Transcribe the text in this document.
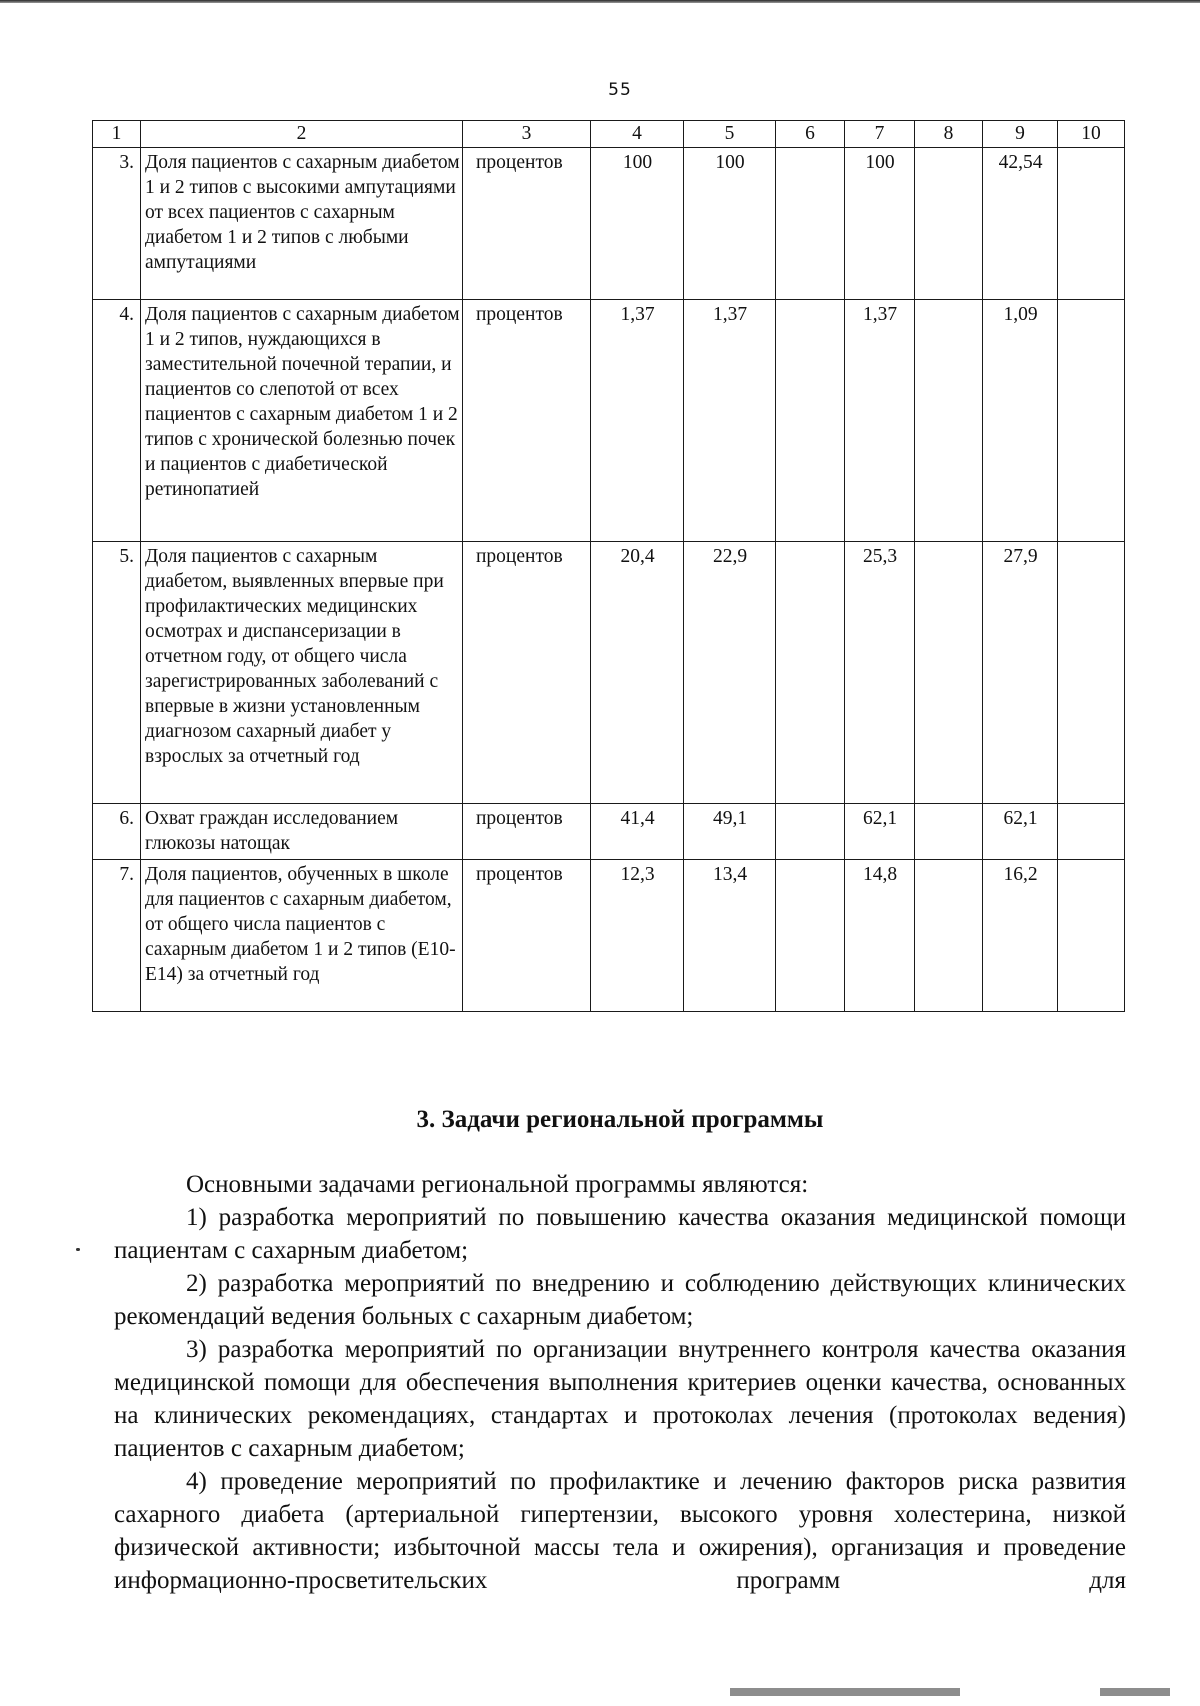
55
1	2	3	4	5	6	7	8	9	10
3.	Доля пациентов с сахарным диабетом 1 и 2 типов с высокими ампутациями от всех пациентов с сахарным диабетом 1 и 2 типов с любыми ампутациями	процентов	100	100		100		42,54	
4.	Доля пациентов с сахарным диабетом 1 и 2 типов, нуждающихся в заместительной почечной терапии, и пациентов со слепотой от всех пациентов с сахарным диабетом 1 и 2 типов с хронической болезнью почек и пациентов с диабетической ретинопатией	процентов	1,37	1,37		1,37		1,09	
5.	Доля пациентов с сахарным диабетом, выявленных впервые при профилактических медицинских осмотрах и диспансеризации в отчетном году, от общего числа зарегистрированных заболеваний с впервые в жизни установленным диагнозом сахарный диабет у взрослых за отчетный год	процентов	20,4	22,9		25,3		27,9	
6.	Охват граждан исследованием глюкозы натощак	процентов	41,4	49,1		62,1		62,1	
7.	Доля пациентов, обученных в школе для пациентов с сахарным диабетом, от общего числа пациентов с сахарным диабетом 1 и 2 типов (Е10-Е14) за отчетный год	процентов	12,3	13,4		14,8		16,2	
3. Задачи региональной программы

Основными задачами региональной программы являются:

1) разработка мероприятий по повышению качества оказания медицинской помощи пациентам с сахарным диабетом;

2) разработка мероприятий по внедрению и соблюдению действующих клинических рекомендаций ведения больных с сахарным диабетом;

3) разработка мероприятий по организации внутреннего контроля качества оказания медицинской помощи для обеспечения выполнения критериев оценки качества, основанных на клинических рекомендациях, стандартах и протоколах лечения (протоколах ведения) пациентов с сахарным диабетом;

4) проведение мероприятий по профилактике и лечению факторов риска развития сахарного диабета (артериальной гипертензии, высокого уровня холестерина, низкой физической активности; избыточной массы тела и ожирения), организация и проведение информационно-просветительских программ для
